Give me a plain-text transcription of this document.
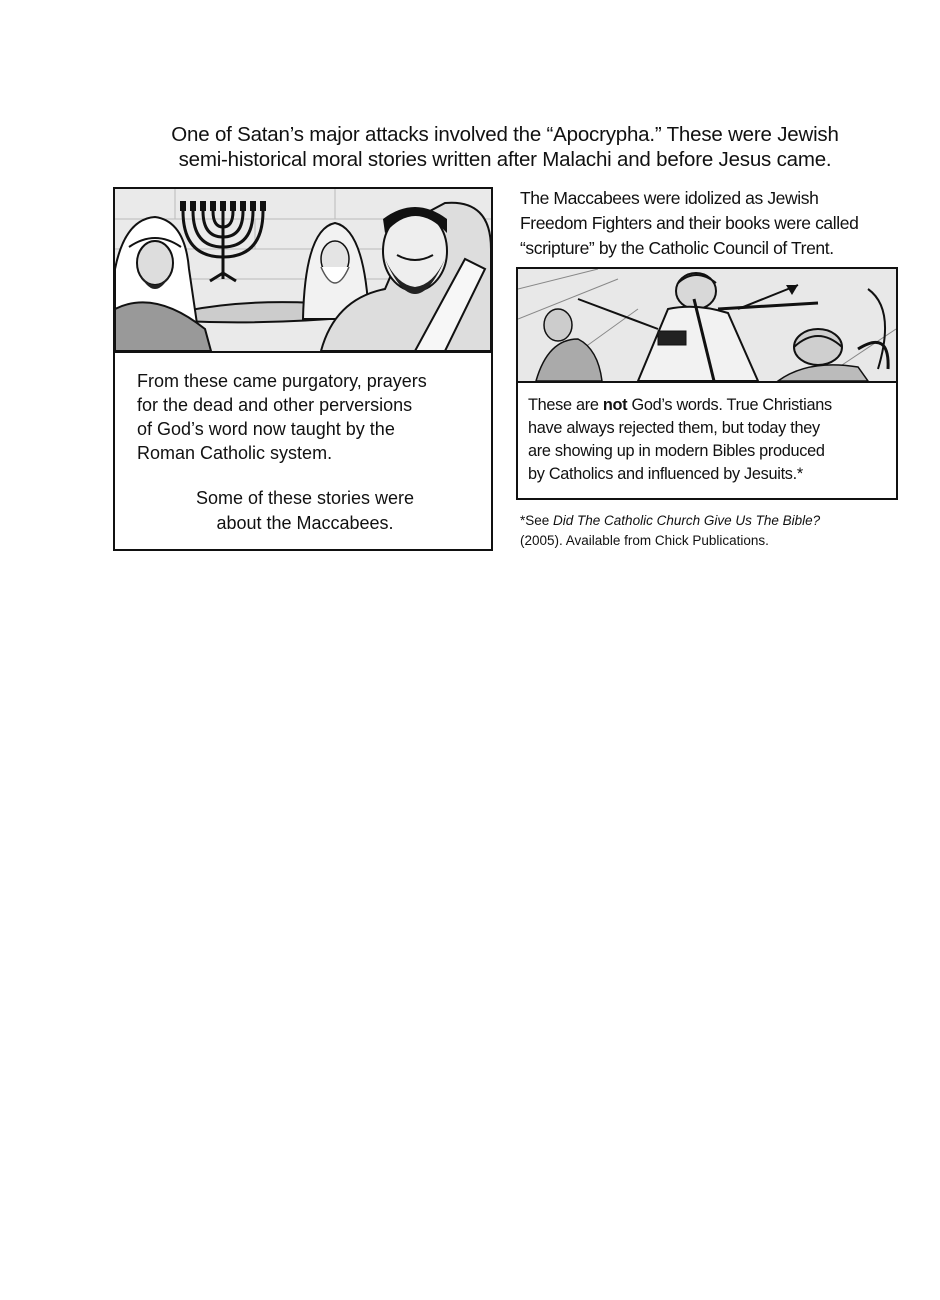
One of Satan’s major attacks involved the “Apocrypha.” These were Jewish
semi-historical moral stories written after Malachi and before Jesus came.
From these came purgatory, prayers
for the dead and other perversions
of God’s word now taught by the
Roman Catholic system.
Some of these stories were
about the Maccabees.
The Maccabees were idolized as Jewish
Freedom Fighters and their books were called
“scripture” by the Catholic Council of Trent.
These are not God’s words. True Christians
have always rejected them, but today they
are showing up in modern Bibles produced
by Catholics and influenced by Jesuits.*
*See Did The Catholic Church Give Us The Bible?
(2005). Available from Chick Publications.
